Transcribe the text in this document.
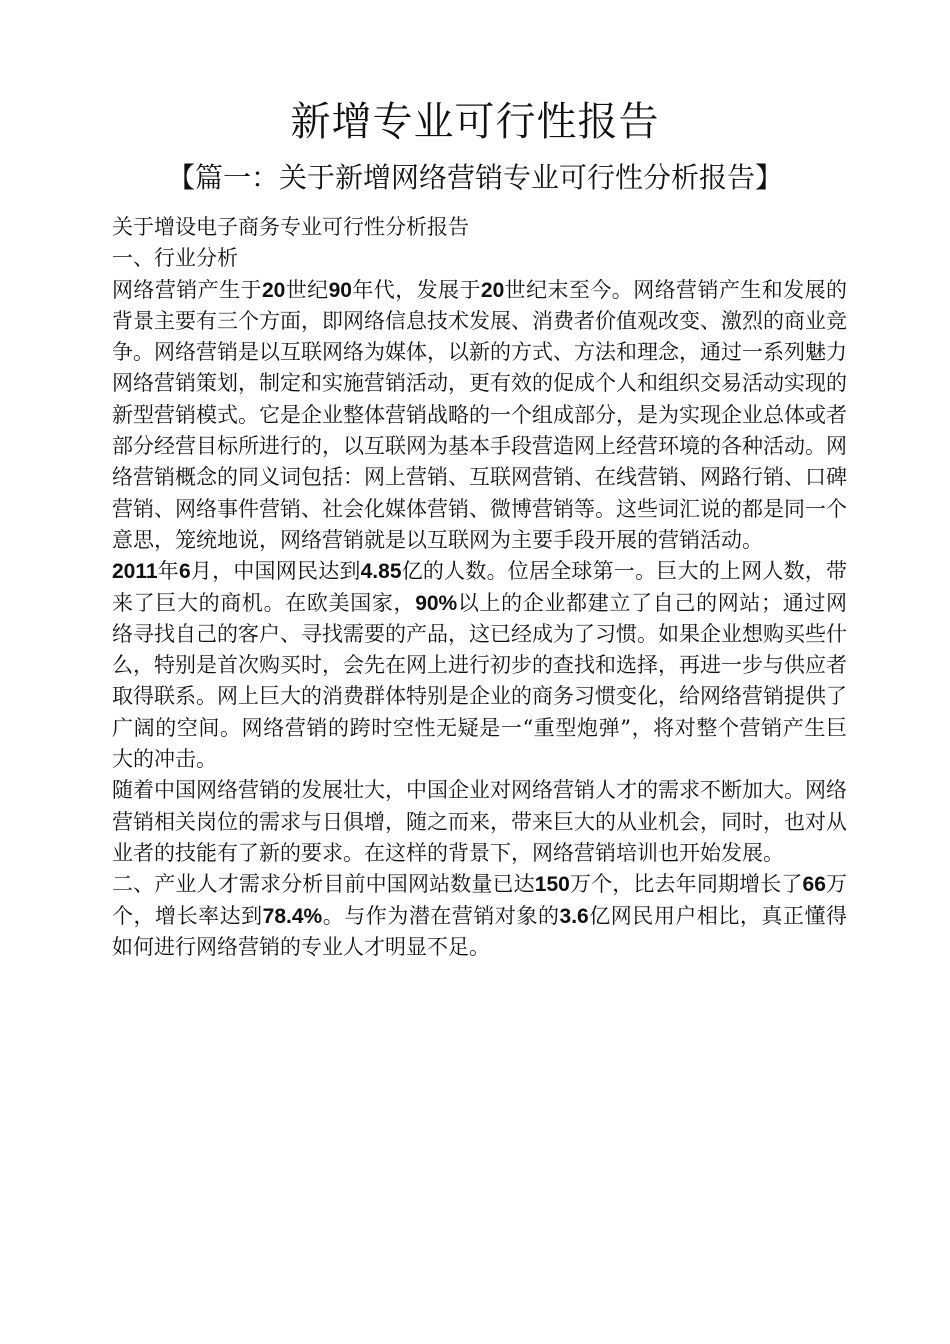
新增专业可行性报告
【篇一：关于新增网络营销专业可行性分析报告】

关于增设电子商务专业可行性分析报告

一、行业分析

网络营销产生于20世纪90年代，发展于20世纪末至今。网络营销产生和发展的背景主要有三个方面，即网络信息技术发展、消费者价值观改变、激烈的商业竞争。网络营销是以互联网络为媒体，以新的方式、方法和理念，通过一系列魅力网络营销策划，制定和实施营销活动，更有效的促成个人和组织交易活动实现的新型营销模式。它是企业整体营销战略的一个组成部分，是为实现企业总体或者部分经营目标所进行的，以互联网为基本手段营造网上经营环境的各种活动。网络营销概念的同义词包括：网上营销、互联网营销、在线营销、网路行销、口碑营销、网络事件营销、社会化媒体营销、微博营销等。这些词汇说的都是同一个意思，笼统地说，网络营销就是以互联网为主要手段开展的营销活动。

2011年6月，中国网民达到4.85亿的人数。位居全球第一。巨大的上网人数，带来了巨大的商机。在欧美国家，90%以上的企业都建立了自己的网站；通过网络寻找自己的客户、寻找需要的产品，这已经成为了习惯。如果企业想购买些什么，特别是首次购买时，会先在网上进行初步的查找和选择，再进一步与供应者取得联系。网上巨大的消费群体特别是企业的商务习惯变化，给网络营销提供了广阔的空间。网络营销的跨时空性无疑是一“重型炮弹”，将对整个营销产生巨大的冲击。

随着中国网络营销的发展壮大，中国企业对网络营销人才的需求不断加大。网络营销相关岗位的需求与日俱增，随之而来，带来巨大的从业机会，同时，也对从业者的技能有了新的要求。在这样的背景下，网络营销培训也开始发展。

二、产业人才需求分析目前中国网站数量已达150万个，比去年同期增长了66万个，增长率达到78.4%。与作为潜在营销对象的3.6亿网民用户相比，真正懂得如何进行网络营销的专业人才明显不足。
